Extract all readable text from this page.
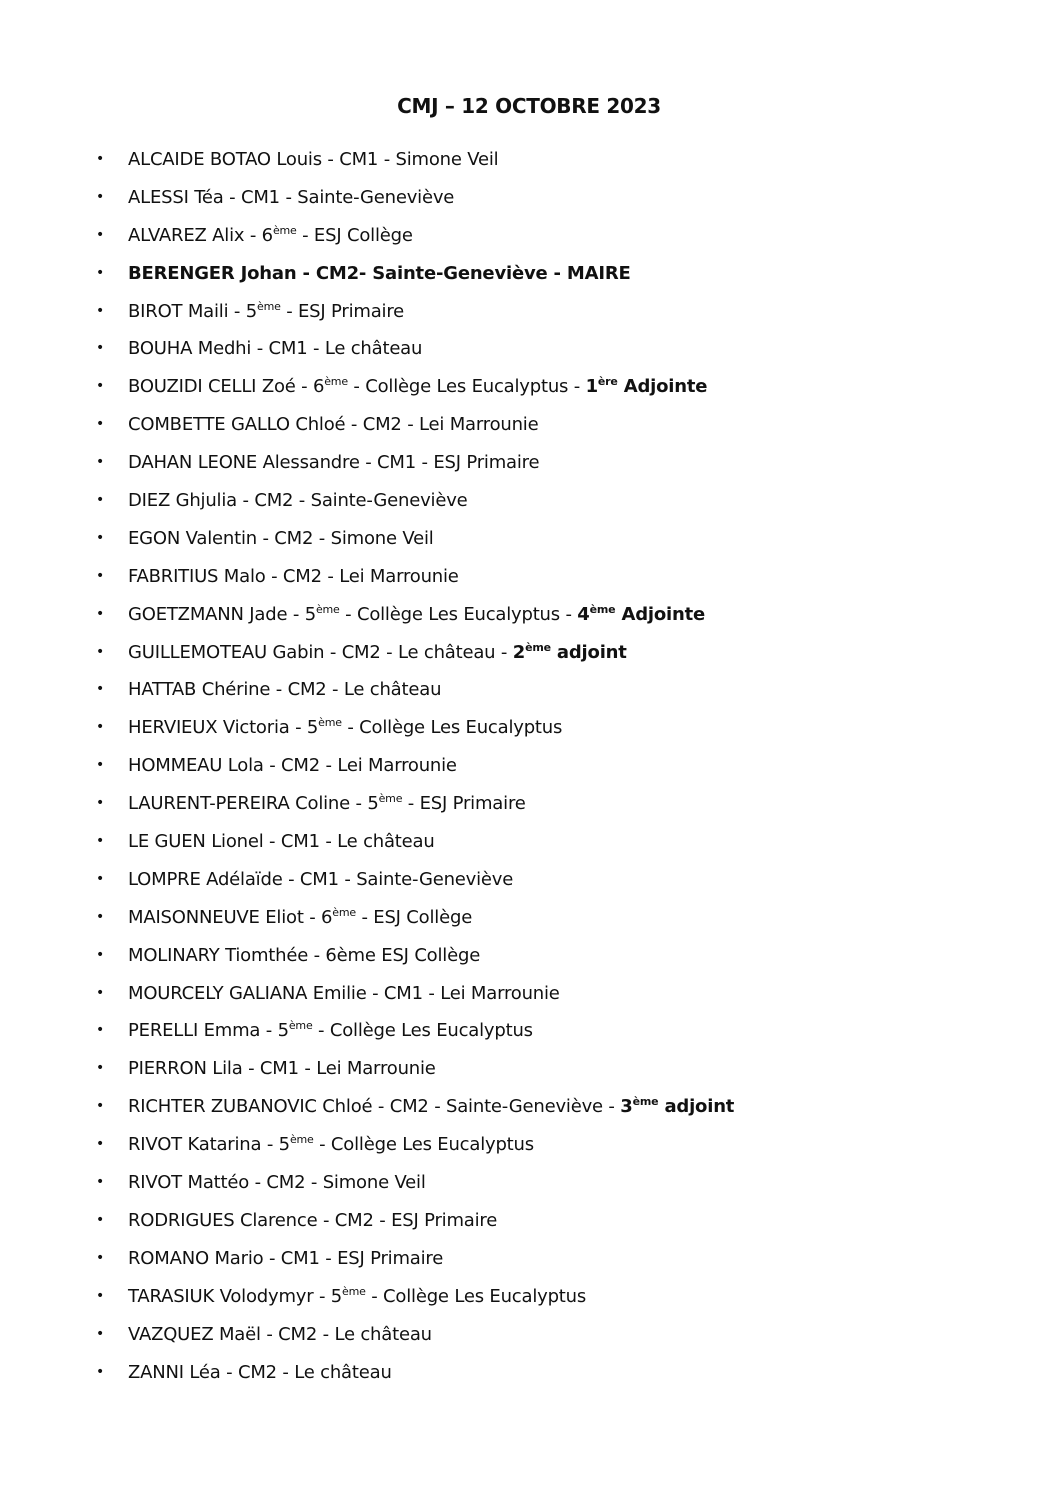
CMJ – 12 OCTOBRE 2023
• ALCAIDE BOTAO Louis - CM1 - Simone Veil
• ALESSI Téa - CM1 - Sainte-Geneviève
• ALVAREZ Alix - 6ème - ESJ Collège
• BERENGER Johan - CM2- Sainte-Geneviève - MAIRE
• BIROT Maili - 5ème - ESJ Primaire
• BOUHA Medhi - CM1 - Le château
• BOUZIDI CELLI Zoé - 6ème - Collège Les Eucalyptus - 1ère Adjointe
• COMBETTE GALLO Chloé - CM2 - Lei Marrounie
• DAHAN LEONE Alessandre - CM1 - ESJ Primaire
• DIEZ Ghjulia - CM2 - Sainte-Geneviève
• EGON Valentin - CM2 - Simone Veil
• FABRITIUS Malo - CM2 - Lei Marrounie
• GOETZMANN Jade - 5ème - Collège Les Eucalyptus - 4ème Adjointe
• GUILLEMOTEAU Gabin - CM2 - Le château - 2ème adjoint
• HATTAB Chérine - CM2 - Le château
• HERVIEUX Victoria - 5ème - Collège Les Eucalyptus
• HOMMEAU Lola - CM2 - Lei Marrounie
• LAURENT-PEREIRA Coline - 5ème - ESJ Primaire
• LE GUEN Lionel - CM1 - Le château
• LOMPRE Adélaïde - CM1 - Sainte-Geneviève
• MAISONNEUVE Eliot - 6ème - ESJ Collège
• MOLINARY Tiomthée - 6ème ESJ Collège
• MOURCELY GALIANA Emilie - CM1 - Lei Marrounie
• PERELLI Emma - 5ème - Collège Les Eucalyptus
• PIERRON Lila - CM1 - Lei Marrounie
• RICHTER ZUBANOVIC Chloé - CM2 - Sainte-Geneviève - 3ème adjoint
• RIVOT Katarina - 5ème - Collège Les Eucalyptus
• RIVOT Mattéo - CM2 - Simone Veil
• RODRIGUES Clarence - CM2 - ESJ Primaire
• ROMANO Mario - CM1 - ESJ Primaire
• TARASIUK Volodymyr - 5ème - Collège Les Eucalyptus
• VAZQUEZ Maël - CM2 - Le château
• ZANNI Léa - CM2 - Le château
